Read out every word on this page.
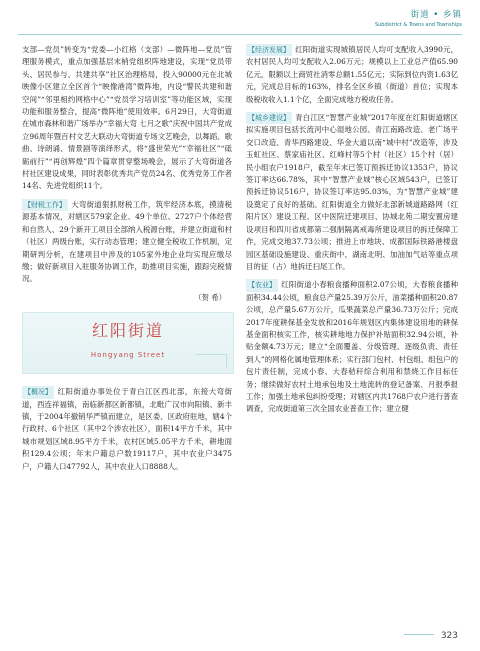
街道 • 乡镇
Subdistrict & Towns and Townships

支部—党员”转变为“党委—小红格（支部）—微阵地—党员”管理服务模式，重点加强基层末梢党组织阵地建设，实现“党员带头、居民参与、共建共享”社区治理格局，投入90000元在北城映像小区建立全区首个“映像港湾”微阵地，内设“警民共建和谐空间”“邻里相约网格中心”“党员学习培训室”等功能区域，实现功能和服务整合，提高“微阵地”使用效率。6月29日，大弯街道在城市森林和谐广场举办“幸福大弯 七月之歌”庆祝中国共产党成立96周年暨百村文艺大联动大弯街道专场文艺晚会，以舞蹈、歌曲、诗朗诵、情景剧等演绎形式，将“盛世荣光”“幸福社区”“砥砺前行”“再创辉煌”四个篇章贯穿整场晚会，展示了大弯街道各村社区建设成果，同时表彰优秀共产党员24名、优秀党务工作者14名、先进党组织11个。

【财税工作】 大弯街道狠抓财税工作，筑牢经济本底，摸清税源基本情况，对辖区579家企业、49个单位、2727户个体经营和自然人、29个新开工项目全部纳入税源台账，并建立街道和村（社区）两级台账，实行动态管理；建立健全税收工作机制，定期研判分析，在建项目中涉及的105家外地企业均实现应缴尽缴；做好新项目入驻服务协调工作，助推项目实施，跟踪完税情况。

（贺 希）
红阳街道
Hongyang Street

【概况】 红阳街道办事处位于青白江区西北部，东接大弯街道，西连祥福镇，南临新都区新都镇，北毗广汉市向阳镇、新丰镇，于2004年撤销华严镇而建立，是区委、区政府驻地，辖4个行政村、6个社区（其中2个涉农社区），面积14平方千米，其中城市规划区域8.95平方千米，农村区域5.05平方千米，耕地面积129.4公顷；年末户籍总户数19117户，其中农业户3475户，户籍人口47792人，其中农业人口8888人。

【经济发展】 红阳街道实现城镇居民人均可支配收入3990元，农村居民人均可支配收入2.06万元；规模以上工业总产值65.90亿元，限额以上商贸社消零总额1.55亿元；实际到位内资1.63亿元，完成总目标的163%，排名全区乡镇（街道）首位；实现本级税收收入1.1个亿，全面完成地方税收任务。

【城乡建设】 青白江区“智慧产业城”2017年度在红阳街道辖区拟实施项目包括长流河中心湿地公园、青江南路改造、老广场平交口改造、青华西路建设、华金大道以南“城中村”改造等，涉及玉虹社区、蔡家庙社区、红峰村等5个村（社区）15个村（居）民小组农户1918户，截至年末已签订预拆迁协议1353户，协议签订率达66.78%，其中“智慧产业城”核心区域543户，已签订预拆迁协议516户，协议签订率达95.03%，为“智慧产业城”建设奠定了良好的基础。红阳街道全力做好北部新城道路路网（红阳片区）建设工程、区中医院迁建项目、协城北苑二期安置房建设项目和四川省成都第二强制隔离戒毒所建设项目的拆迁保障工作，完成交地37.73公顷；推进上市地块、成都国际铁路港楼盘园区基础设施建设、重庆街中、湖南北明、加油加气站等重点项目的征（占）地拆迁扫尾工作。

【农业】 红阳街道小春粮食播种面积2.07公顷，大春粮食播种面积34.44公顷，粮食总产量25.39万公斤，油菜播种面积20.87公顷，总产量5.67万公斤，瓜果蔬菜总产量36.73万公斤；完成2017年度耕保基金发放和2016年规划区内集体建设用地的耕保基金面积核实工作，核实耕地地力保护补贴面积32.94公顷，补贴金额4.73万元；建立“全面覆盖、分级管理、逐级负责、责任到人”的网格化属地管理体系；实行部门包村、村包组、组包户的包片责任制，完成小春、大春秸秆综合利用和禁烧工作目标任务；继续做好农村土地承包地及土地流转的登记备案、月报季报工作；加强土地承包纠纷受理；对辖区内共1768户农户进行普查调查，完成街道第三次全国农业普查工作；建立健

323
